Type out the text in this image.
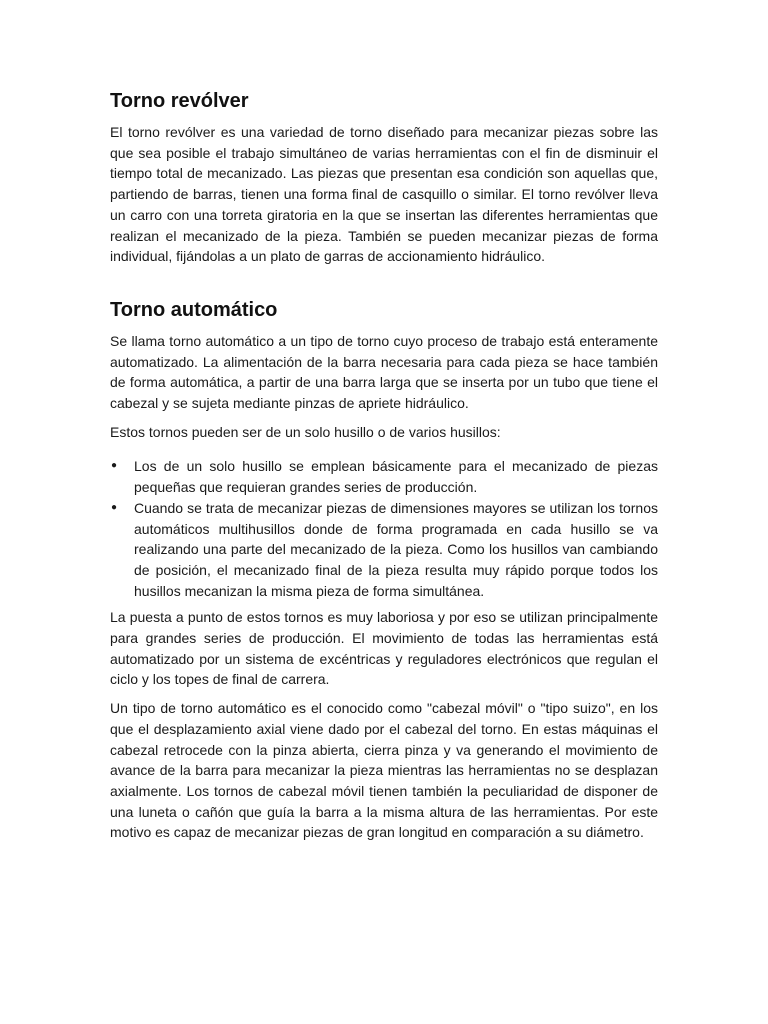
Torno revólver

El torno revólver es una variedad de torno diseñado para mecanizar piezas sobre las que sea posible el trabajo simultáneo de varias herramientas con el fin de disminuir el tiempo total de mecanizado. Las piezas que presentan esa condición son aquellas que, partiendo de barras, tienen una forma final de casquillo o similar. El torno revólver lleva un carro con una torreta giratoria en la que se insertan las diferentes herramientas que realizan el mecanizado de la pieza. También se pueden mecanizar piezas de forma individual, fijándolas a un plato de garras de accionamiento hidráulico.

Torno automático

Se llama torno automático a un tipo de torno cuyo proceso de trabajo está enteramente automatizado. La alimentación de la barra necesaria para cada pieza se hace también de forma automática, a partir de una barra larga que se inserta por un tubo que tiene el cabezal y se sujeta mediante pinzas de apriete hidráulico.

Estos tornos pueden ser de un solo husillo o de varios husillos:

● Los de un solo husillo se emplean básicamente para el mecanizado de piezas pequeñas que requieran grandes series de producción.
● Cuando se trata de mecanizar piezas de dimensiones mayores se utilizan los tornos automáticos multihusillos donde de forma programada en cada husillo se va realizando una parte del mecanizado de la pieza. Como los husillos van cambiando de posición, el mecanizado final de la pieza resulta muy rápido porque todos los husillos mecanizan la misma pieza de forma simultánea.

La puesta a punto de estos tornos es muy laboriosa y por eso se utilizan principalmente para grandes series de producción. El movimiento de todas las herramientas está automatizado por un sistema de excéntricas y reguladores electrónicos que regulan el ciclo y los topes de final de carrera.

Un tipo de torno automático es el conocido como "cabezal móvil" o "tipo suizo", en los que el desplazamiento axial viene dado por el cabezal del torno. En estas máquinas el cabezal retrocede con la pinza abierta, cierra pinza y va generando el movimiento de avance de la barra para mecanizar la pieza mientras las herramientas no se desplazan axialmente. Los tornos de cabezal móvil tienen también la peculiaridad de disponer de una luneta o cañón que guía la barra a la misma altura de las herramientas. Por este motivo es capaz de mecanizar piezas de gran longitud en comparación a su diámetro.
